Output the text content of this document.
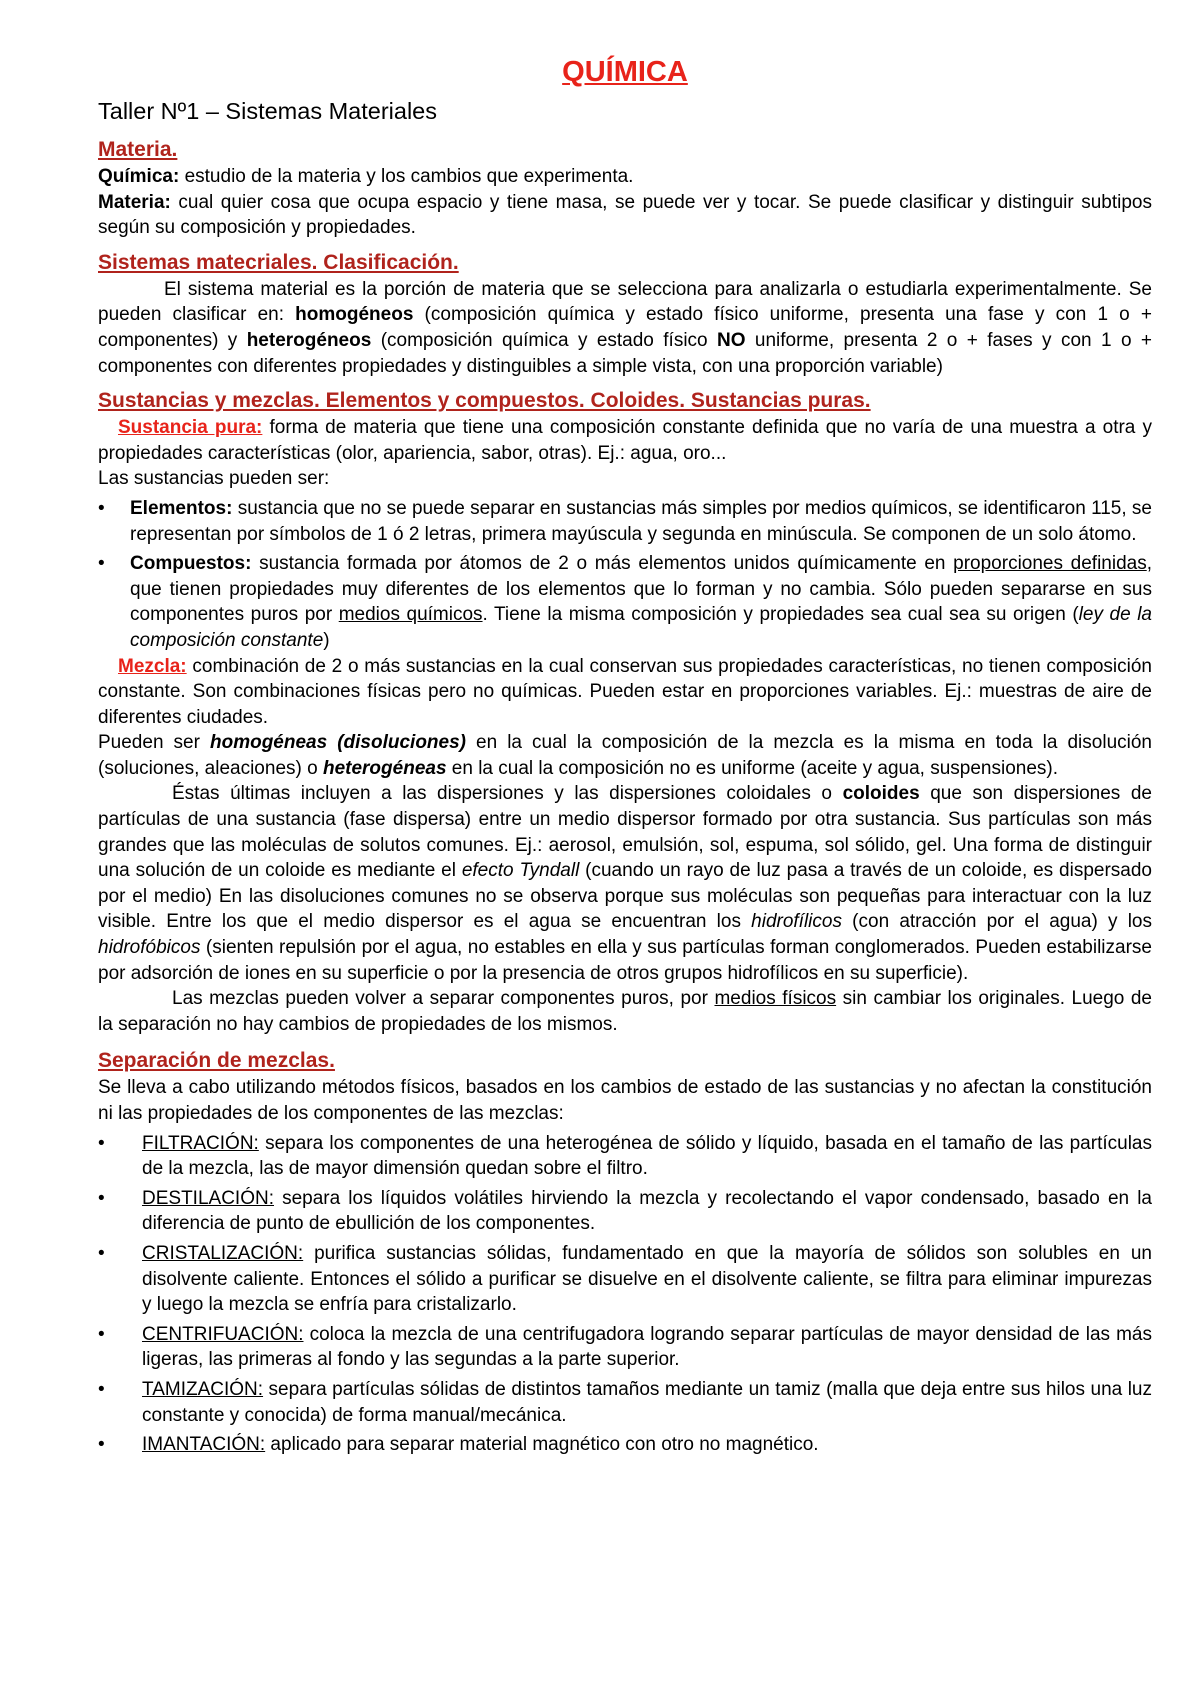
QUÍMICA
Taller Nº1 – Sistemas Materiales
Materia.

Química: estudio de la materia y los cambios que experimenta.

Materia: cual quier cosa que ocupa espacio y tiene masa, se puede ver y tocar. Se puede clasificar y distinguir subtipos según su composición y propiedades.

Sistemas matecriales. Clasificación.

El sistema material es la porción de materia que se selecciona para analizarla o estudiarla experimentalmente. Se pueden clasificar en: homogéneos (composición química y estado físico uniforme, presenta una fase y con 1 o + componentes) y heterogéneos (composición química y estado físico NO uniforme, presenta 2 o + fases y con 1 o + componentes con diferentes propiedades y distinguibles a simple vista, con una proporción variable)

Sustancias y mezclas. Elementos y compuestos. Coloides. Sustancias puras.

Sustancia pura: forma de materia que tiene una composición constante definida que no varía de una muestra a otra y propiedades características (olor, apariencia, sabor, otras). Ej.: agua, oro...

Las sustancias pueden ser:

•	Elementos: sustancia que no se puede separar en sustancias más simples por medios químicos, se identificaron 115, se representan por símbolos de 1 ó 2 letras, primera mayúscula y segunda en minúscula. Se componen de un solo átomo.
•	Compuestos: sustancia formada por átomos de 2 o más elementos unidos químicamente en proporciones definidas, que tienen propiedades muy diferentes de los elementos que lo forman y no cambia. Sólo pueden separarse en sus componentes puros por medios químicos. Tiene la misma composición y propiedades sea cual sea su origen (ley de la composición constante)

Mezcla: combinación de 2 o más sustancias en la cual conservan sus propiedades características, no tienen composición constante. Son combinaciones físicas pero no químicas. Pueden estar en proporciones variables. Ej.: muestras de aire de diferentes ciudades.

Pueden ser homogéneas (disoluciones) en la cual la composición de la mezcla es la misma en toda la disolución (soluciones, aleaciones) o heterogéneas en la cual la composición no es uniforme (aceite y agua, suspensiones).

Éstas últimas incluyen a las dispersiones y las dispersiones coloidales o coloides que son dispersiones de partículas de una sustancia (fase dispersa) entre un medio dispersor formado por otra sustancia. Sus partículas son más grandes que las moléculas de solutos comunes. Ej.: aerosol, emulsión, sol, espuma, sol sólido, gel. Una forma de distinguir una solución de un coloide es mediante el efecto Tyndall (cuando un rayo de luz pasa a través de un coloide, es dispersado por el medio) En las disoluciones comunes no se observa porque sus moléculas son pequeñas para interactuar con la luz visible. Entre los que el medio dispersor es el agua se encuentran los hidrofílicos (con atracción por el agua) y los hidrofóbicos (sienten repulsión por el agua, no estables en ella y sus partículas forman conglomerados. Pueden estabilizarse por adsorción de iones en su superficie o por la presencia de otros grupos hidrofílicos en su superficie).

Las mezclas pueden volver a separar componentes puros, por medios físicos sin cambiar los originales. Luego de la separación no hay cambios de propiedades de los mismos.

Separación de mezclas.

Se lleva a cabo utilizando métodos físicos, basados en los cambios de estado de las sustancias y no afectan la constitución ni las propiedades de los componentes de las mezclas:

•	FILTRACIÓN: separa los componentes de una heterogénea de sólido y líquido, basada en el tamaño de las partículas de la mezcla, las de mayor dimensión quedan sobre el filtro.
•	DESTILACIÓN: separa los líquidos volátiles hirviendo la mezcla y recolectando el vapor condensado, basado en la diferencia de punto de ebullición de los componentes.
•	CRISTALIZACIÓN: purifica sustancias sólidas, fundamentado en que la mayoría de sólidos son solubles en un disolvente caliente. Entonces el sólido a purificar se disuelve en el disolvente caliente, se filtra para eliminar impurezas y luego la mezcla se enfría para cristalizarlo.
•	CENTRIFUACIÓN: coloca la mezcla de una centrifugadora logrando separar partículas de mayor densidad de las más ligeras, las primeras al fondo y las segundas a la parte superior.
•	TAMIZACIÓN: separa partículas sólidas de distintos tamaños mediante un tamiz (malla que deja entre sus hilos una luz constante y conocida) de forma manual/mecánica.
•	IMANTACIÓN: aplicado para separar material magnético con otro no magnético.
